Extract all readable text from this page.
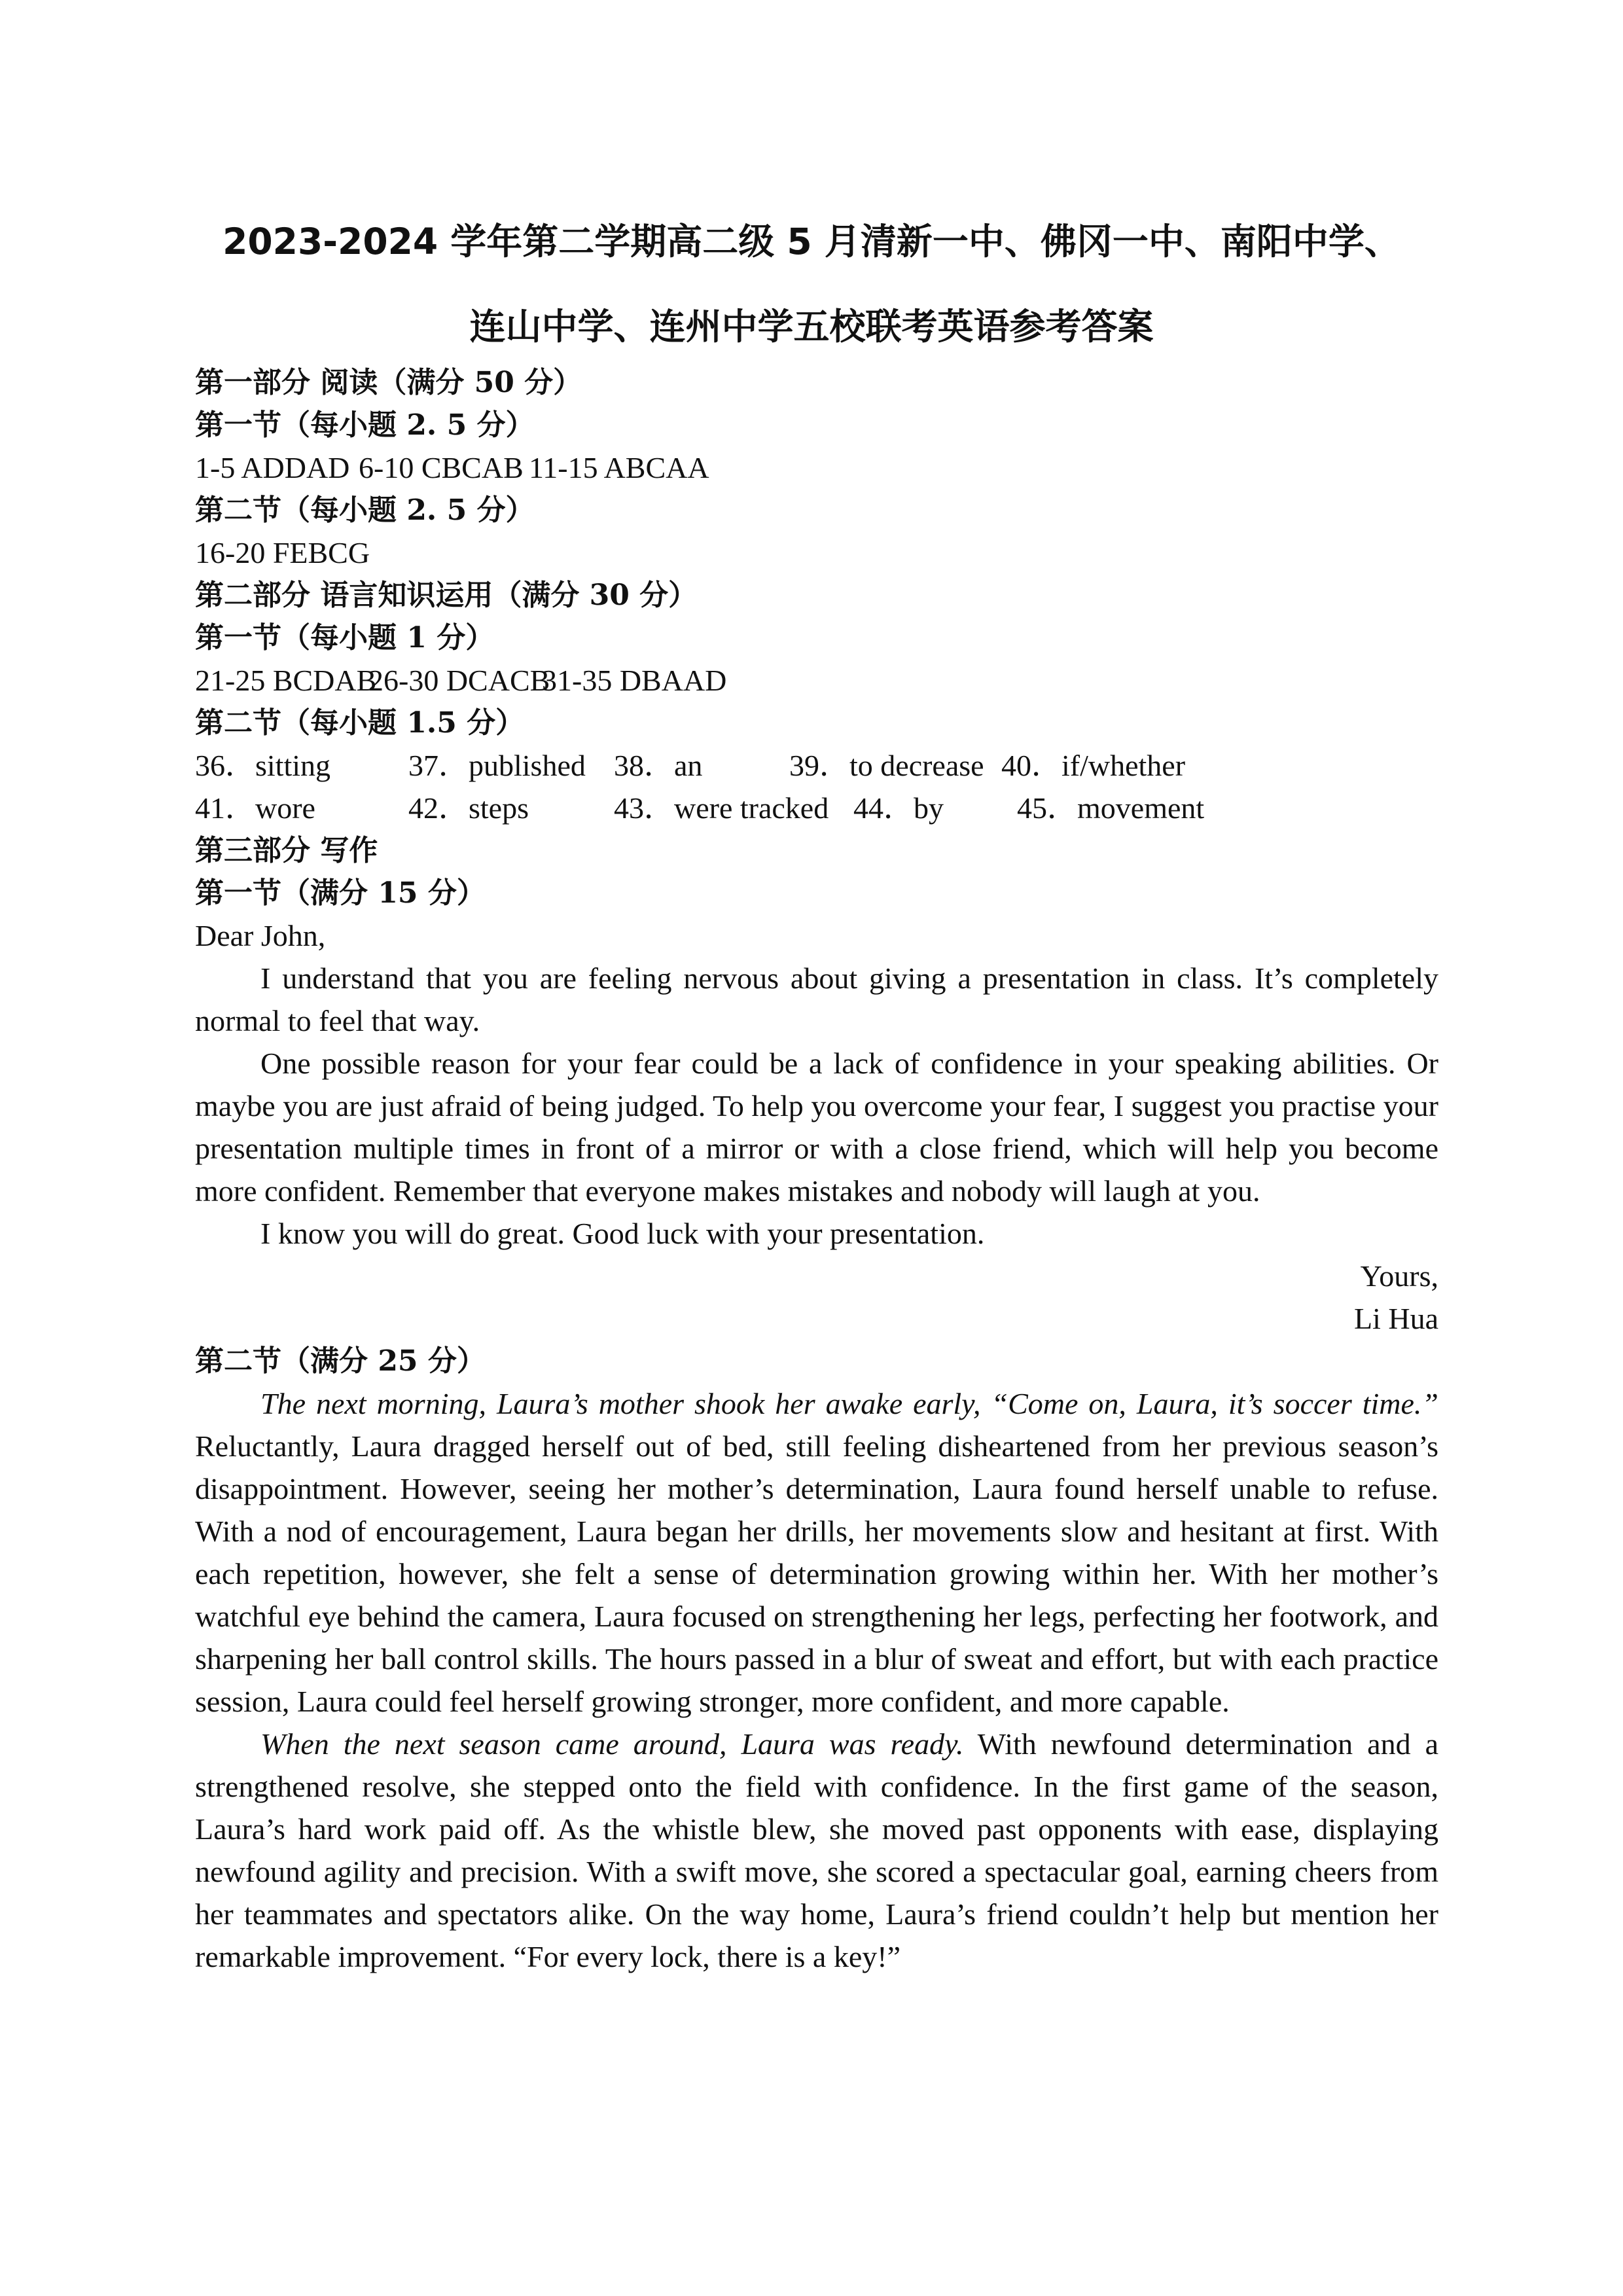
2023-2024 学年第二学期高二级 5 月清新一中、佛冈一中、南阳中学、
连山中学、连州中学五校联考英语参考答案
第一部分 阅读（满分 50 分）
第一节（每小题 2. 5 分）
1-5 ADDAD 6-10 CBCAB 11-15 ABCAA
第二节（每小题 2. 5 分）
16-20 FEBCG
第二部分 语言知识运用（满分 30 分）
第一节（每小题 1 分）
21-25 BCDAB26-30 DCACB31-35 DBAAD
第二节（每小题 1.5 分）
36．sitting	37．published 38．an	39．to decrease 40．if/whether
41．wore	42．steps	43．were tracked 44．by 45．movement
第三部分 写作
第一节（满分 15 分）
Dear John,

I understand that you are feeling nervous about giving a presentation in class. It’s completely normal to feel that way.

One possible reason for your fear could be a lack of confidence in your speaking abilities. Or maybe you are just afraid of being judged. To help you overcome your fear, I suggest you practise your presentation multiple times in front of a mirror or with a close friend, which will help you become more confident. Remember that everyone makes mistakes and nobody will laugh at you.

I know you will do great. Good luck with your presentation.

Yours,
Li Hua
第二节（满分 25 分）

The next morning, Laura’s mother shook her awake early, “Come on, Laura, it’s soccer time.” Reluctantly, Laura dragged herself out of bed, still feeling disheartened from her previous season’s disappointment. However, seeing her mother’s determination, Laura found herself unable to refuse. With a nod of encouragement, Laura began her drills, her movements slow and hesitant at first. With each repetition, however, she felt a sense of determination growing within her. With her mother’s watchful eye behind the camera, Laura focused on strengthening her legs, perfecting her footwork, and sharpening her ball control skills. The hours passed in a blur of sweat and effort, but with each practice session, Laura could feel herself growing stronger, more confident, and more capable.

When the next season came around, Laura was ready. With newfound determination and a strengthened resolve, she stepped onto the field with confidence. In the first game of the season, Laura’s hard work paid off. As the whistle blew, she moved past opponents with ease, displaying newfound agility and precision. With a swift move, she scored a spectacular goal, earning cheers from her teammates and spectators alike. On the way home, Laura’s friend couldn’t help but mention her remarkable improvement. “For every lock, there is a key!”
